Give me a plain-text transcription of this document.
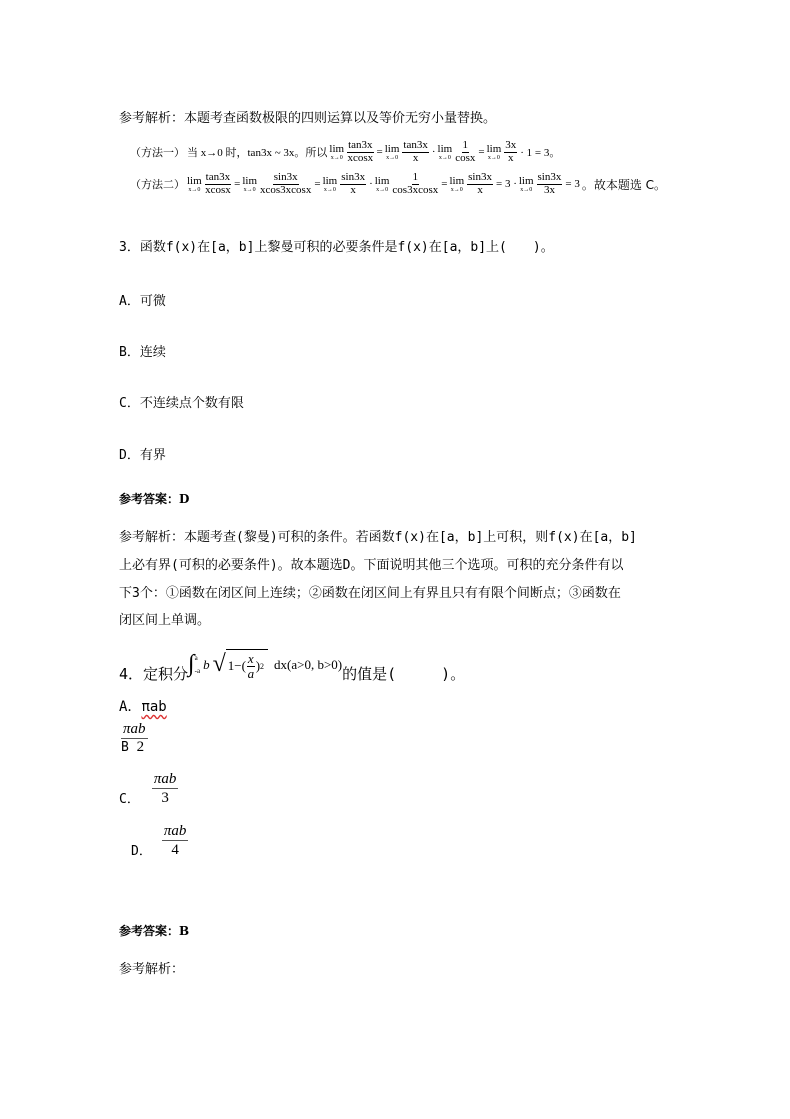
参考解析：本题考查函数极限的四则运算以及等价无穷小量替换。
（方法一） 当 x→0 时，tan3x ~ 3x。所以 lim
x→0
tan3x
xcosx = lim
x→0
tan3x
x · lim
x→0
1
cosx = lim
x→0
3x
x · 1 = 3。
（方法二） lim
x→0
tan3x
xcosx = lim
x→0
sin3x
xcos3xcosx = lim
x→0
sin3x
x · lim
x→0
1
cos3xcosx = lim
$x\to 0 \frac{\sin 3x}{x} = 3 \cdot \lim$
$x\to 0 \frac{\sin 3x}{3x} = 3$ 。故本题选 C。
3．函数f(x)在[a，b]上黎曼可积的必要条件是f(x)在[a，b]上(　　)。
A．可微
B．连续
C．不连续点个数有限
D．有界
参考答案：D
参考解析：本题考查(黎曼)可积的条件。若函数f(x)在[a，b]上可积，则f(x)在[a，b]
上必有界(可积的必要条件)。故本题选D。下面说明其他三个选项。可积的充分条件有以
下3个：①函数在闭区间上连续；②函数在闭区间上有界且只有有限个间断点；③函数在
闭区间上单调。
4．定积分 ∫ a
-a b √ 1− ( $\frac{x}{a}$ ) 2 dx(a>0, b>0)
的值是(　　　)。
A．πab
πab

B 2
C．
πab
3
D．
πab
4
参考答案：B
参考解析：
